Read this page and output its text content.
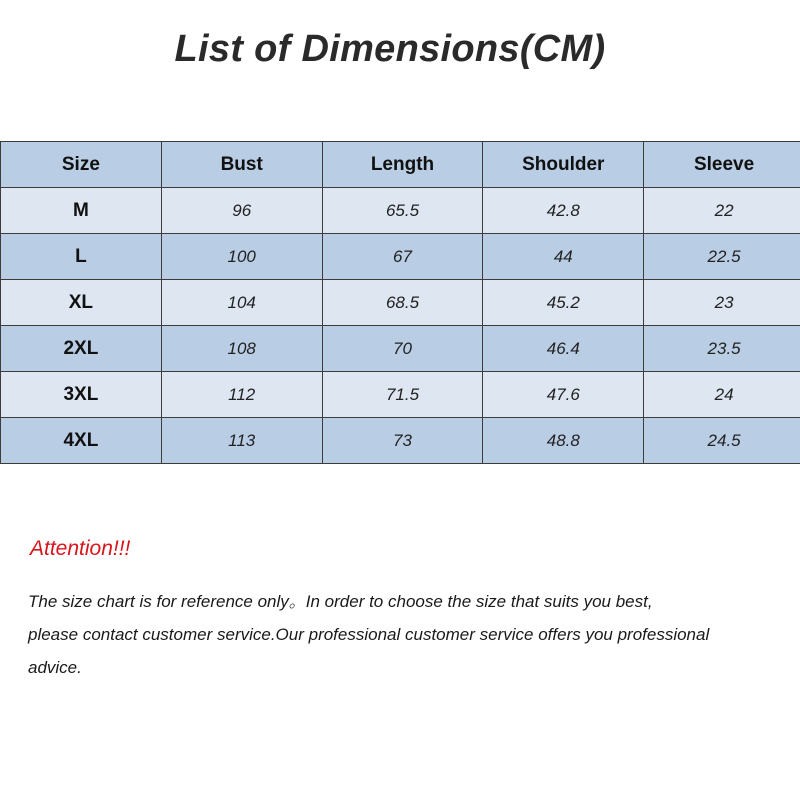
List of Dimensions(CM)
Size	Bust	Length	Shoulder	Sleeve
M	96	65.5	42.8	22
L	100	67	44	22.5
XL	104	68.5	45.2	23
2XL	108	70	46.4	23.5
3XL	112	71.5	47.6	24
4XL	113	73	48.8	24.5
Attention!!!
The size chart is for reference only。In order to choose the size that suits you best,
please contact customer service.Our professional customer service offers you professional
advice.
